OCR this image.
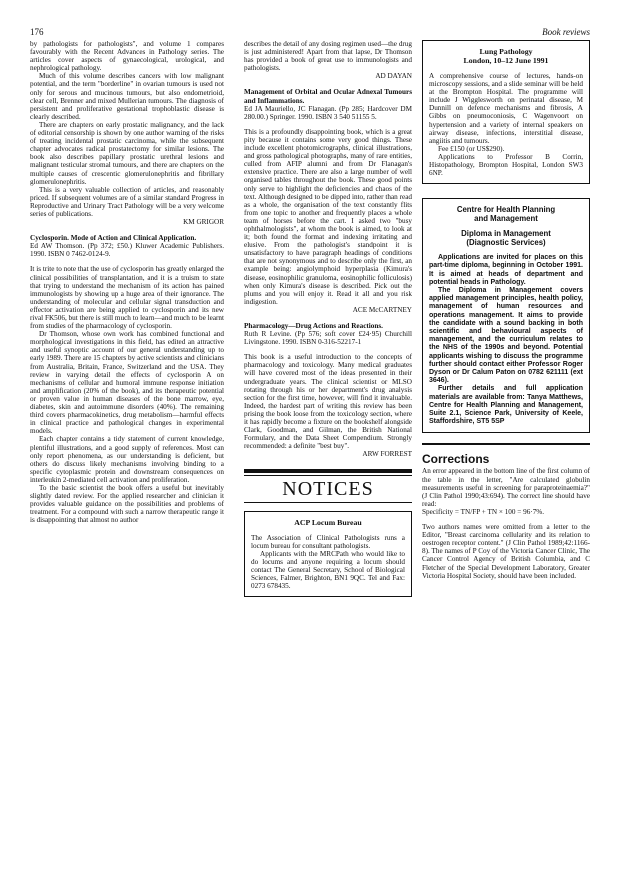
176	Book reviews

by pathologists for pathologists", and volume 1 compares favourably with the Recent Advances in Pathology series. The articles cover aspects of gynaecological, urological, and nephrological pathology.

Much of this volume describes cancers with low malignant potential, and the term "borderline" in ovarian tumours is used not only for serous and mucinous tumours, but also endometrioid, clear cell, Brenner and mixed Mullerian tumours. The diagnosis of persistent and proliferative gestational trophoblastic disease is clearly described.

There are chapters on early prostatic malignancy, and the lack of editorial censorship is shown by one author warning of the risks of treating incidental prostatic carcinoma, while the subsequent chapter advocates radical prostatectomy for similar lesions. The book also describes papillary prostatic urethral lesions and malignant testicular stromal tumours, and there are chapters on the multiple causes of crescentic glomerulonephritis and fibrillary glomerulonephritis.

This is a very valuable collection of articles, and reasonably priced. If subsequent volumes are of a similar standard Progress in Reproductive and Urinary Tract Pathology will be a very welcome series of publications.

KM GRIGOR
Cyclosporin. Mode of Action and Clinical Application.
Ed AW Thomson. (Pp 372; £50.) Kluwer Academic Publishers. 1990. ISBN 0 7462-0124-9.

It is trite to note that the use of cyclosporin has greatly enlarged the clinical possibilities of transplantation, and it is a truism to state that trying to understand the mechanism of its action has pained immunologists by showing up a huge area of their ignorance. The understanding of molecular and cellular signal transduction and effector activation are being applied to cyclosporin and its new rival FK506, but there is still much to learn—and much to be learnt from studies of the pharmacology of cyclosporin.

Dr Thomson, whose own work has combined functional and morphological investigations in this field, has edited an attractive and useful synoptic account of our general understanding up to early 1989. There are 15 chapters by active scientists and clinicians from Australia, Britain, France, Switzerland and the USA. They review in varying detail the effects of cyclosporin A on mechanisms of cellular and humoral immune response initiation and amplification (20% of the book), and its therapeutic potential or proven value in human diseases of the bone marrow, eye, diabetes, skin and autoimmune disorders (40%). The remaining third covers pharmacokinetics, drug metabolism—harmful effects in clinical practice and pathological changes in experimental models.

Each chapter contains a tidy statement of current knowledge, plentiful illustrations, and a good supply of references. Most can only report phenomena, as our understanding is deficient, but others do discuss likely mechanisms involving binding to a specific cytoplasmic protein and downstream consequences on interleukin 2-mediated cell activation and proliferation.

To the basic scientist the book offers a useful but inevitably slightly dated review. For the applied researcher and clinician it provides valuable guidance on the possibilities and problems of treatment. For a compound with such a narrow therapeutic range it is disappointing that almost no author

describes the detail of any dosing regimen used—the drug is just administered! Apart from that lapse, Dr Thomson has provided a book of great use to immunologists and pathologists.

AD DAYAN
Management of Orbital and Ocular Adnexal Tumours and Inflammations.
Ed JA Mauriello, JC Flanagan. (Pp 285; Hardcover DM 280.00.) Springer. 1990. ISBN 3 540 51155 5.

This is a profoundly disappointing book, which is a great pity because it contains some very good things. These include excellent photomicrographs, clinical illustrations, and gross pathological photographs, many of rare entities, culled from AFIP alumni and from Dr Flanagan's extensive practice. There are also a large number of well organised tables throughout the book. These good points only serve to highlight the deficiencies and chaos of the text. Although designed to be dipped into, rather than read as a whole, the organisation of the text constantly flits from one topic to another and frequently places a whole team of horses before the cart. I asked two "busy ophthalmologists", at whom the book is aimed, to look at it; both found the format and indexing irritating and elusive. From the pathologist's standpoint it is unsatisfactory to have paragraph headings of conditions that are not synonymous and to describe only the first, an example being: angiolymphoid hyperplasia (Kimura's disease, eosinophilic granuloma, eosinophilic folliculosis) when only Kimura's disease is described. Pick out the plums and you will enjoy it. Read it all and you risk indigestion.

ACE McCARTNEY
Pharmacology—Drug Actions and Reactions.
Ruth R Levine. (Pp 576; soft cover £24·95) Churchill Livingstone. 1990. ISBN 0-316-52217-1

This book is a useful introduction to the concepts of pharmacology and toxicology. Many medical graduates will have covered most of the ideas presented in their undergraduate years. The clinical scientist or MLSO rotating through his or her department's drug analysis section for the first time, however, will find it invaluable. Indeed, the hardest part of writing this review has been prising the book loose from the toxicology section, where it has rapidly become a fixture on the bookshelf alongside Clark, Goodman, and Gilman, the British National Formulary, and the Data Sheet Compendium. Strongly recommended: a definite "best buy".

ARW FORREST
NOTICES
ACP Locum Bureau

The Association of Clinical Pathologists runs a locum bureau for consultant pathologists.

Applicants with the MRCPath who would like to do locums and anyone requiring a locum should contact The General Secretary, School of Biological Sciences, Falmer, Brighton, BN1 9QC. Tel and Fax: 0273 678435.

Lung Pathology
London, 10–12 June 1991

A comprehensive course of lectures, hands-on microscopy sessions, and a slide seminar will be held at the Brompton Hospital. The programme will include J Wigglesworth on perinatal disease, M Dunnill on defence mechanisms and fibrosis, A Gibbs on pneumoconiosis, C Wagenvoort on hypertension and a variety of internal speakers on airway disease, infections, interstitial disease, angiitis and tumours.

Fee £150 (or US$290).

Applications to Professor B Corrin, Histopathology, Brompton Hospital, London SW3 6NP.

Centre for Health Planning
and Management
Diploma in Management
(Diagnostic Services)

Applications are invited for places on this part-time diploma, beginning in October 1991. It is aimed at heads of department and potential heads in Pathology.

The Diploma in Management covers applied management principles, health policy, management of human resources and operations management. It aims to provide the candidate with a sound backing in both scientific and behavioural aspects of management, and the curriculum relates to the NHS of the 1990s and beyond. Potential applicants wishing to discuss the programme further should contact either Professor Roger Dyson or Dr Calum Paton on 0782 621111 (ext 3646).

Further details and full application materials are available from: Tanya Matthews, Centre for Health Planning and Management, Suite 2.1, Science Park, University of Keele, Staffordshire, ST5 5SP

Corrections

An error appeared in the bottom line of the first column of the table in the letter, "Are calculated globulin measurements useful in screening for paraproteinaemia?" (J Clin Pathol 1990;43:694). The correct line should have read:

Specificity = TN/FP + TN × 100 = 96·7%.

Two authors names were omitted from a letter to the Editor, "Breast carcinoma cellularity and its relation to oestrogen receptor content." (J Clin Pathol 1989;42:1166-8). The names of P Coy of the Victoria Cancer Clinic, The Cancer Control Agency of British Columbia, and C Fletcher of the Special Development Laboratory, Greater Victoria Hospital Society, should have been included.
